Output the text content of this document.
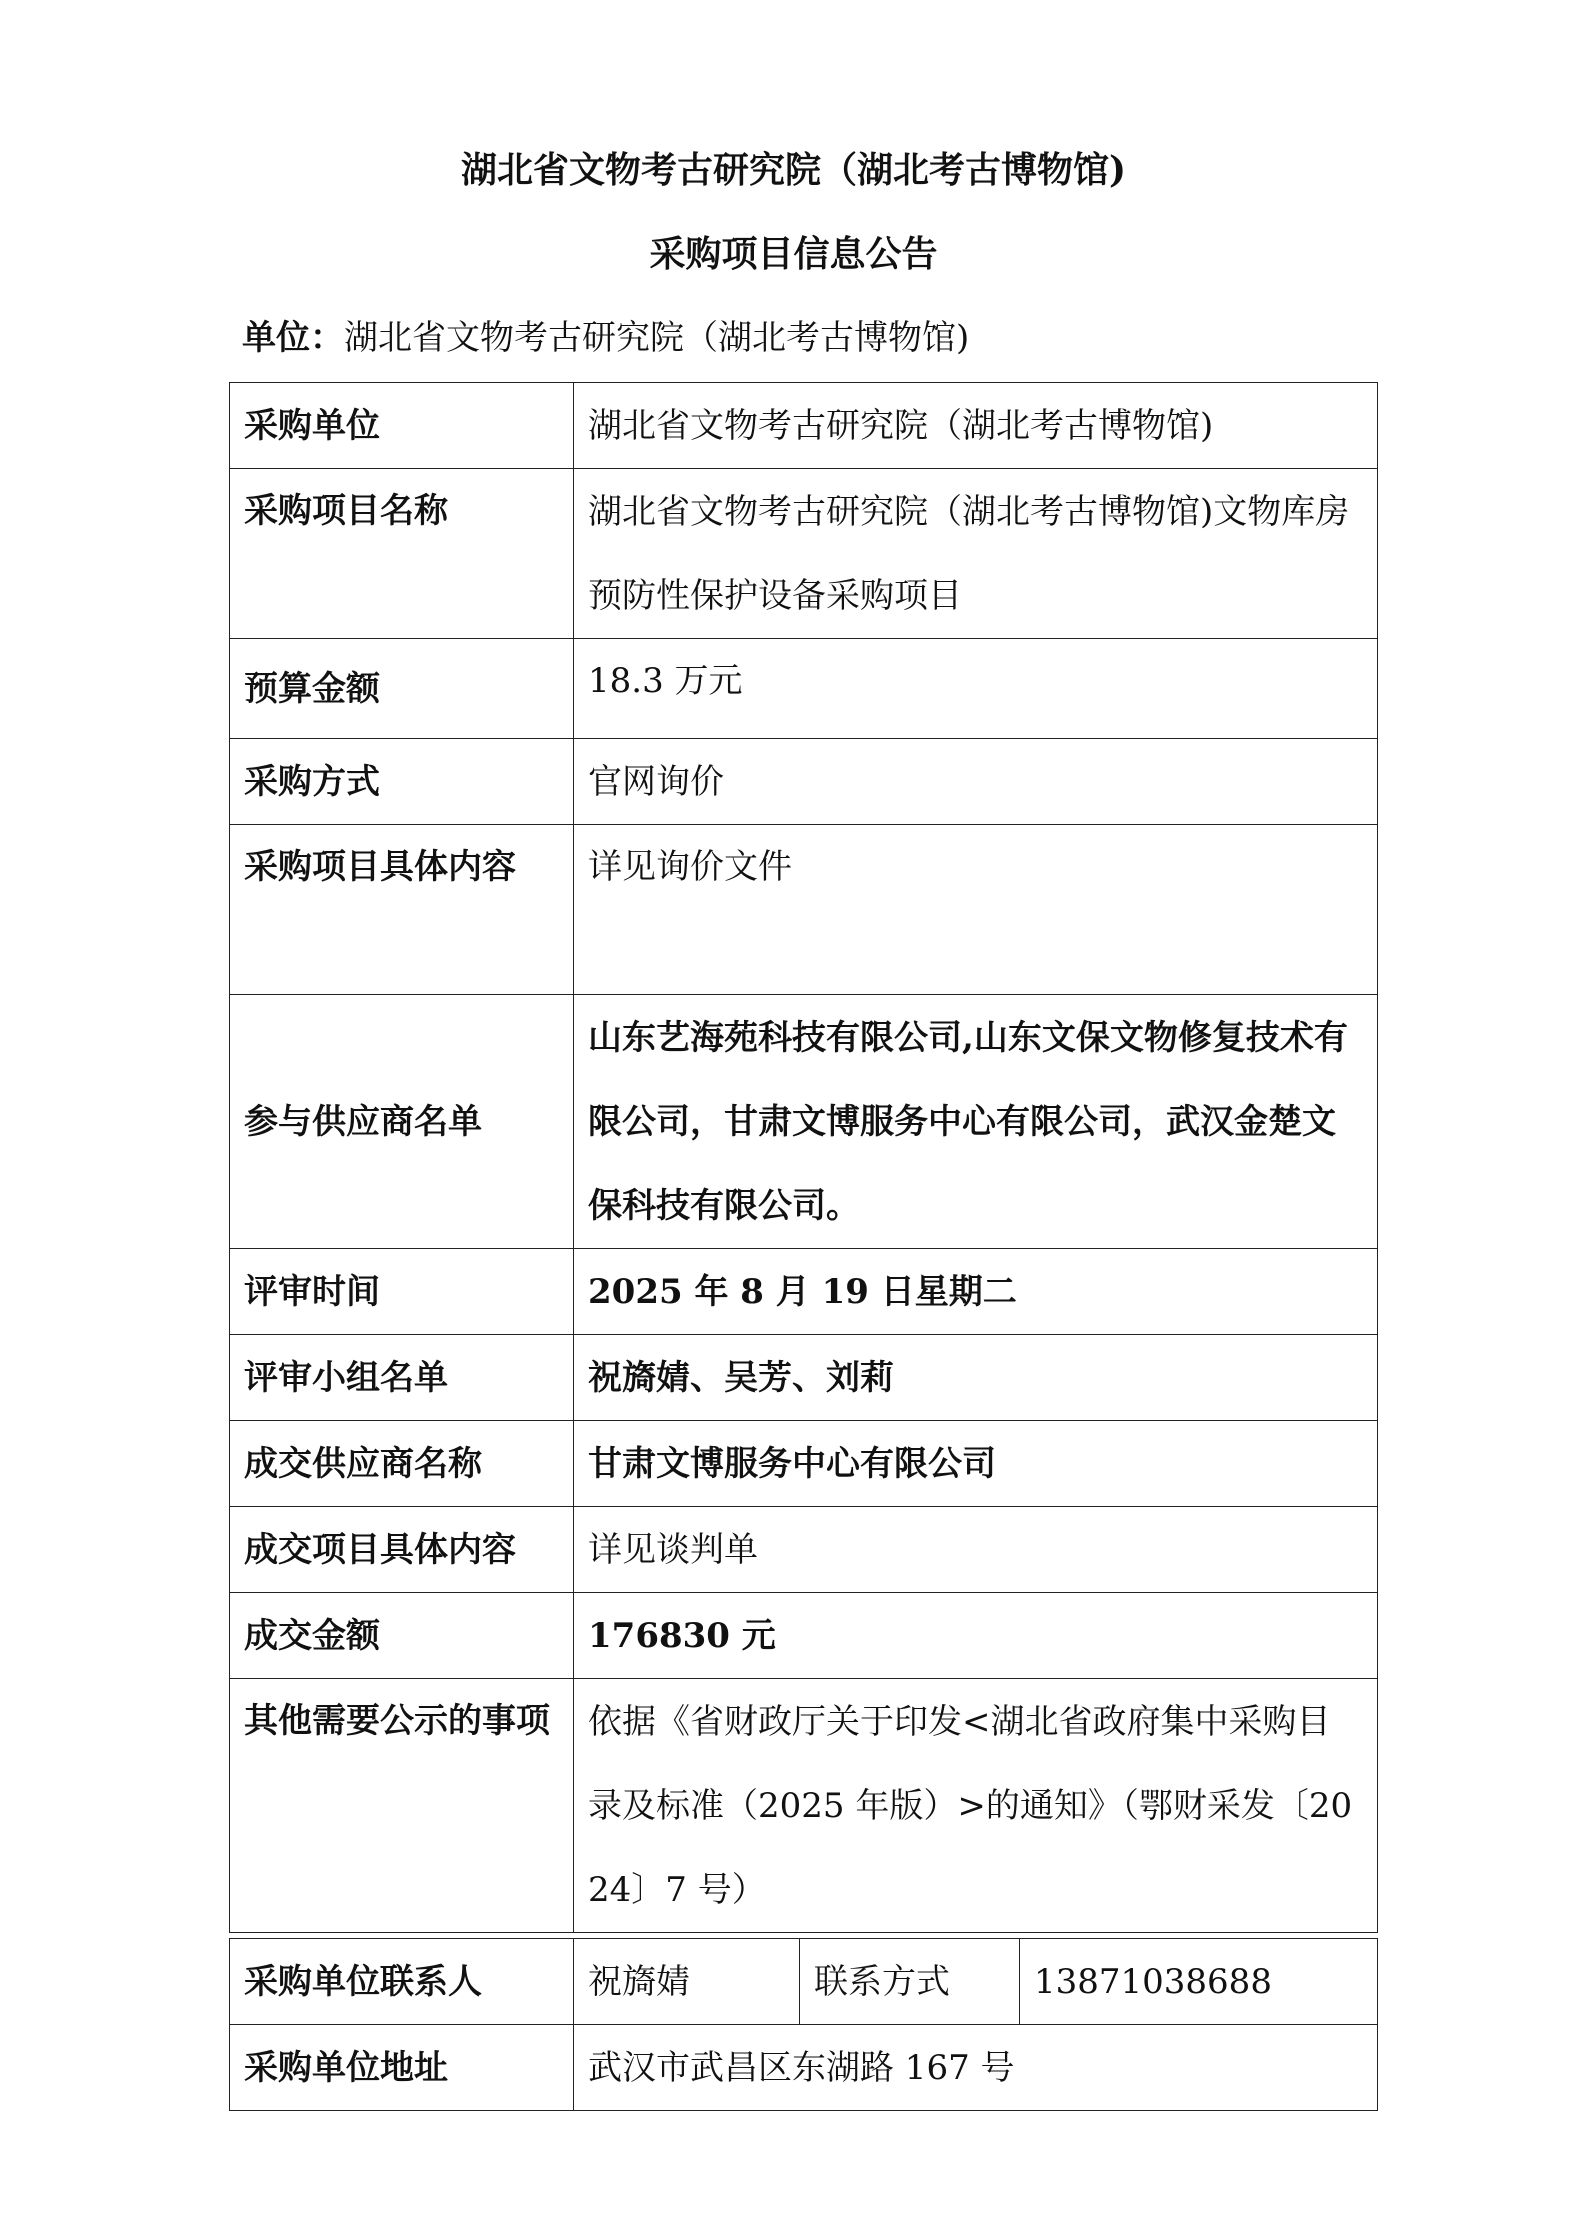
湖北省文物考古研究院（湖北考古博物馆)
采购项目信息公告
单位：湖北省文物考古研究院（湖北考古博物馆)
采购单位	湖北省文物考古研究院（湖北考古博物馆)
采购项目名称	湖北省文物考古研究院（湖北考古博物馆)文物库房预防性保护设备采购项目
预算金额	18.3 万元
采购方式	官网询价
采购项目具体内容	详见询价文件
参与供应商名单	山东艺海苑科技有限公司,山东文保文物修复技术有限公司，甘肃文博服务中心有限公司，武汉金楚文保科技有限公司。
评审时间	2025 年 8 月 19 日星期二
评审小组名单	祝旖婧、吴芳、刘莉
成交供应商名称	甘肃文博服务中心有限公司
成交项目具体内容	详见谈判单
成交金额	176830 元
其他需要公示的事项	依据《省财政厅关于印发<湖北省政府集中采购目录及标准（2025 年版）>的通知》（鄂财采发〔2024〕7 号）
采购单位联系人	祝旖婧	联系方式	13871038688
采购单位地址	武汉市武昌区东湖路 167 号		
